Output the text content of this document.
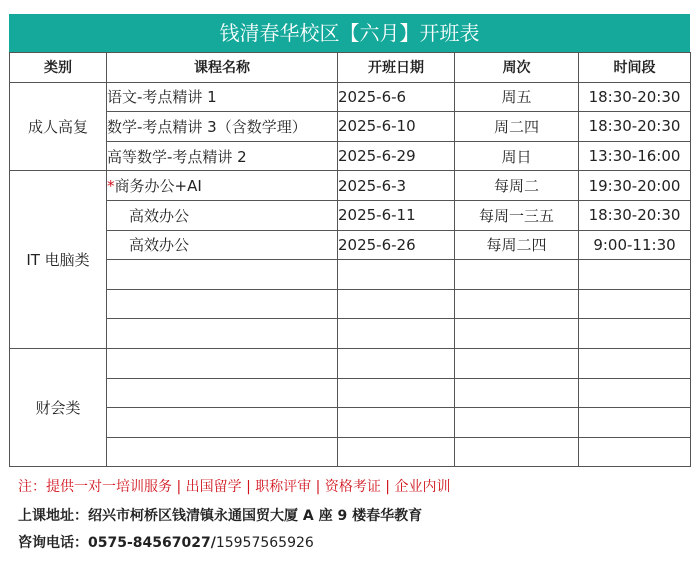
钱清春华校区【六月】开班表
类别	课程名称	开班日期	周次	时间段
成人高复	语文-考点精讲 1	2025-6-6	周五	18:30-20:30
	数学-考点精讲 3（含数学理）	2025-6-10	周二四	18:30-20:30
	高等数学-考点精讲 2	2025-6-29	周日	13:30-16:00
IT 电脑类	*商务办公+AI	2025-6-3	每周二	19:30-20:00
	高效办公	2025-6-11	每周一三五	18:30-20:30
	高效办公	2025-6-26	每周二四	9:00-11:30

财会类				

注：提供一对一培训服务 | 出国留学 | 职称评审 | 资格考证 | 企业内训
上课地址：绍兴市柯桥区钱清镇永通国贸大厦 A 座 9 楼春华教育
咨询电话：0575-84567027/15957565926
